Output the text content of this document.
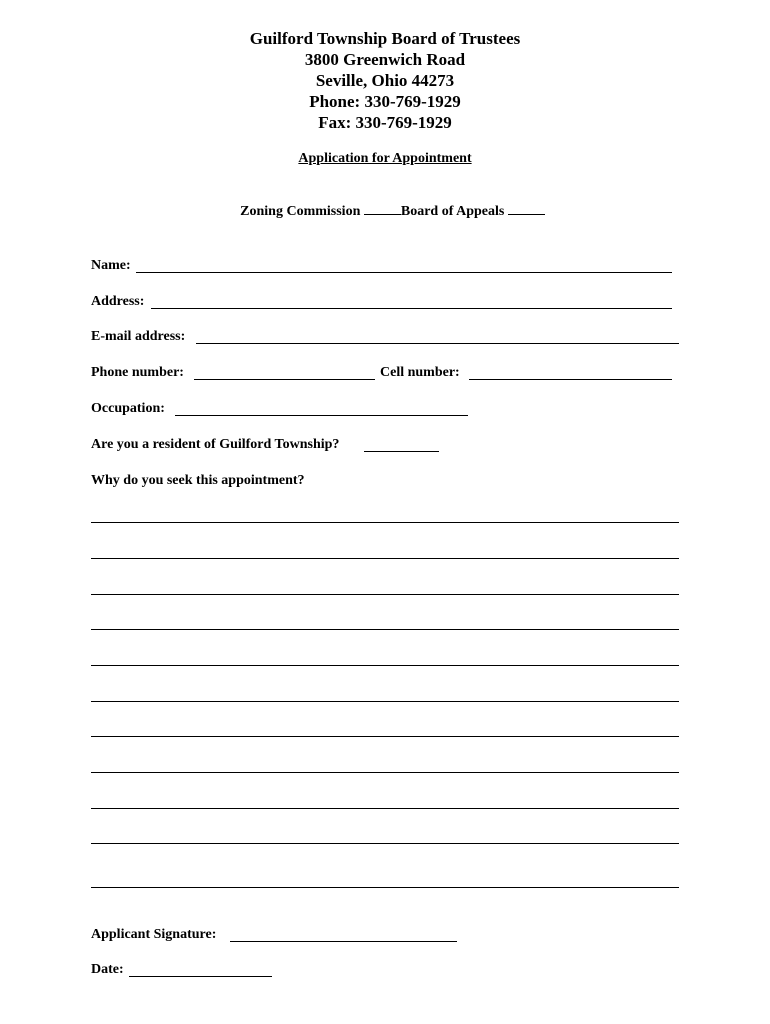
Guilford Township Board of Trustees
3800 Greenwich Road
Seville, Ohio 44273
Phone: 330-769-1929
Fax: 330-769-1929
Application for Appointment
Zoning Commission	Board of Appeals
Name:
Address:
E-mail address:
Phone number:	Cell number:
Occupation:
Are you a resident of Guilford Township?
Why do you seek this appointment?
Applicant Signature:
Date:
